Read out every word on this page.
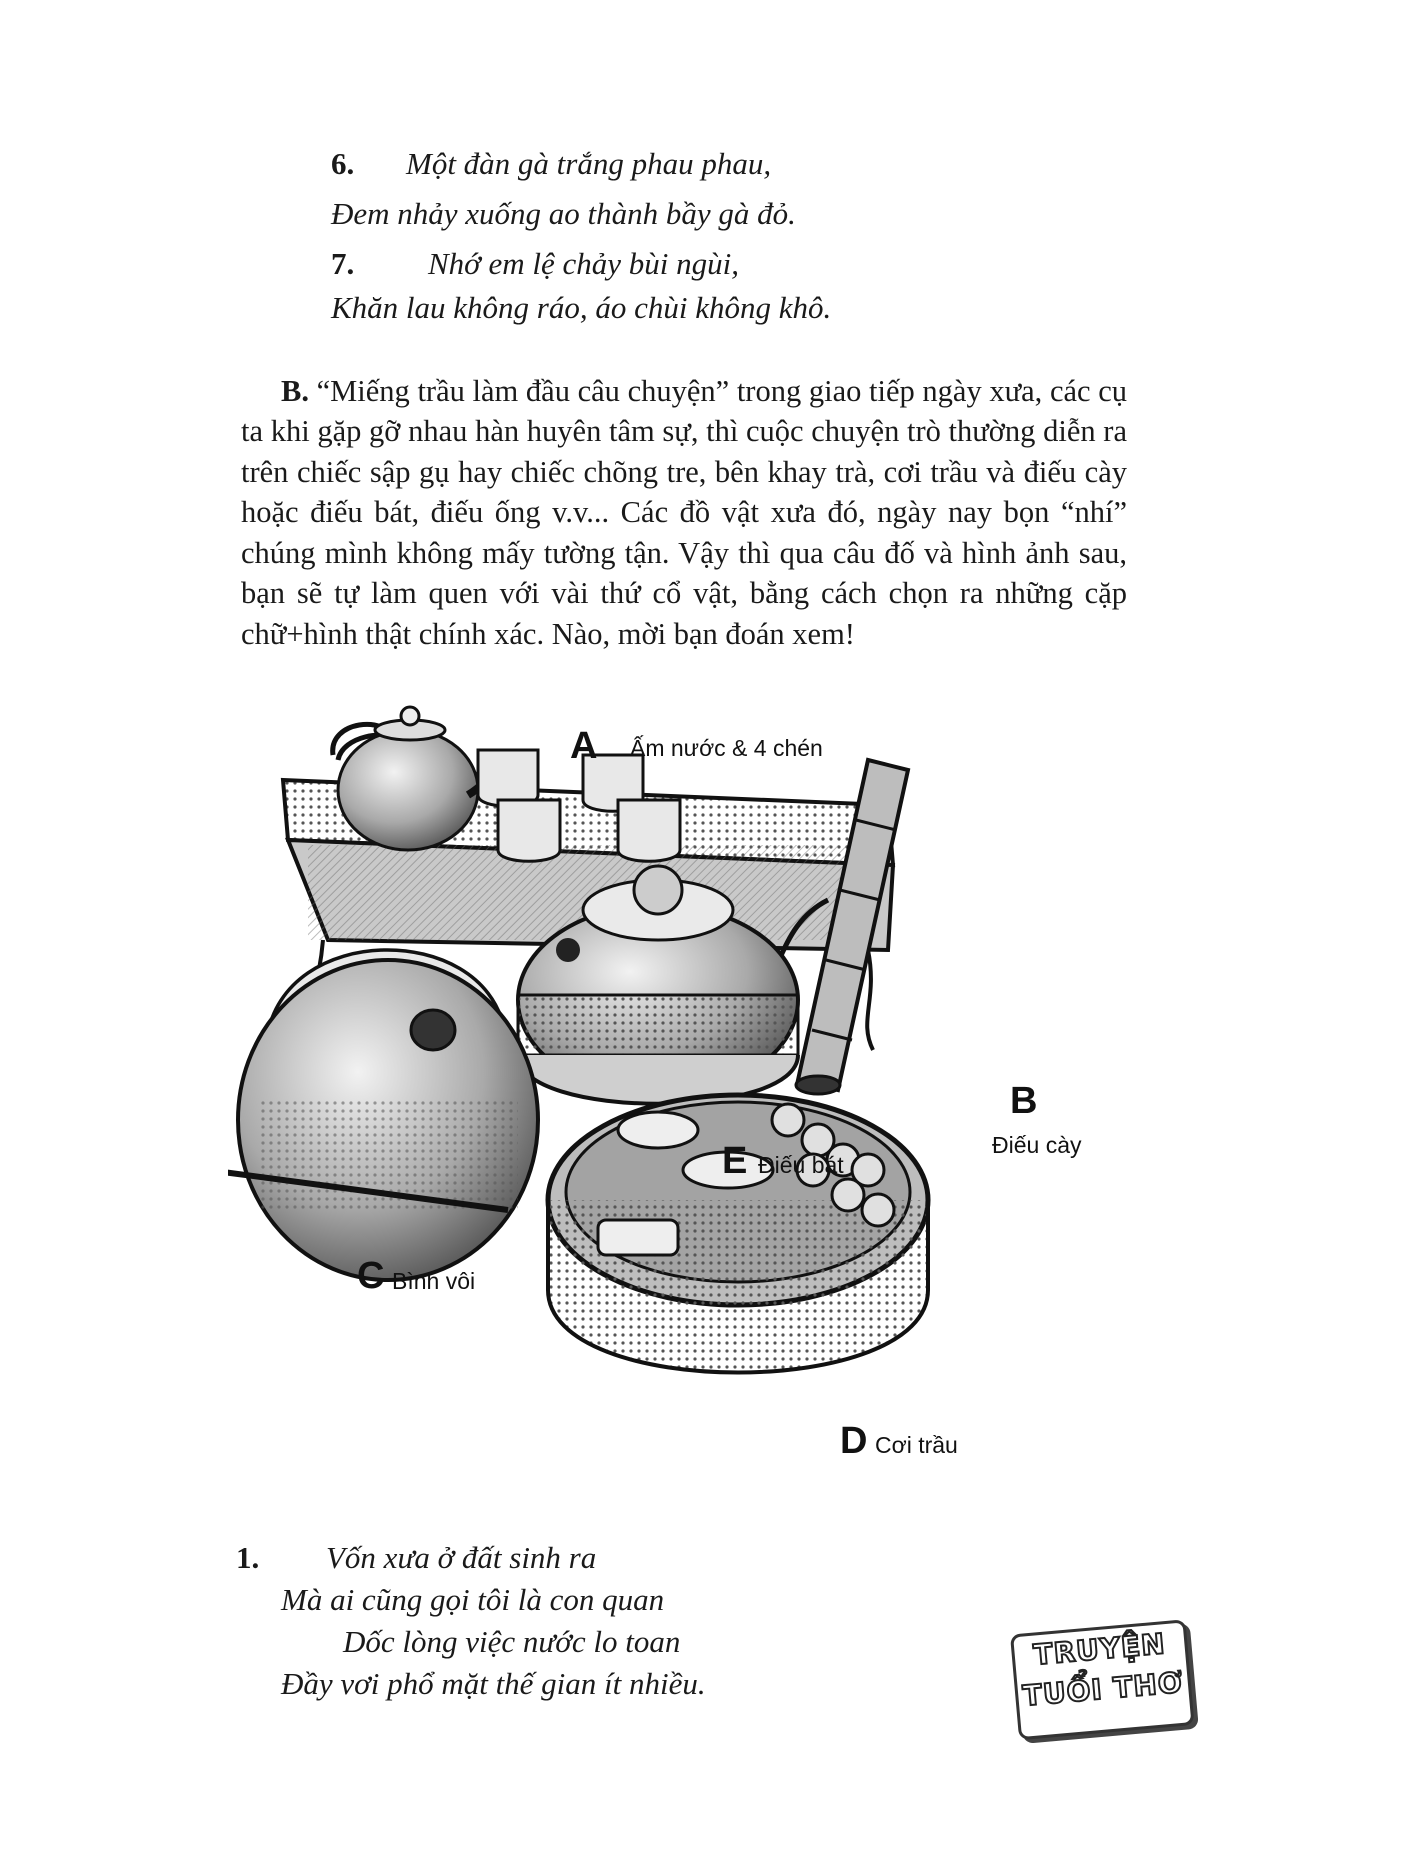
6. Một đàn gà trắng phau phau,
Đem nhảy xuống ao thành bầy gà đỏ.
7. Nhớ em lệ chảy bùi ngùi,
Khăn lau không ráo, áo chùi không khô.

B. “Miếng trầu làm đầu câu chuyện” trong giao tiếp ngày xưa, các cụ ta khi gặp gỡ nhau hàn huyên tâm sự, thì cuộc chuyện trò thường diễn ra trên chiếc sập gụ hay chiếc chõng tre, bên khay trà, cơi trầu và điếu cày hoặc điếu bát, điếu ống v.v... Các đồ vật xưa đó, ngày nay bọn “nhí” chúng mình không mấy tường tận. Vậy thì qua câu đố và hình ảnh sau, bạn sẽ tự làm quen với vài thứ cổ vật, bằng cách chọn ra những cặp chữ+hình thật chính xác. Nào, mời bạn đoán xem!

A Ấm nước & 4 chén
B
Điếu cày
C Bình vôi
D Cơi trầu
E Điếu bát
1. Vốn xưa ở đất sinh ra
Mà ai cũng gọi tôi là con quan
Dốc lòng việc nước lo toan
Đầy vơi phổ mặt thế gian ít nhiều.
TRUYỆN
TUỔI THƠ
